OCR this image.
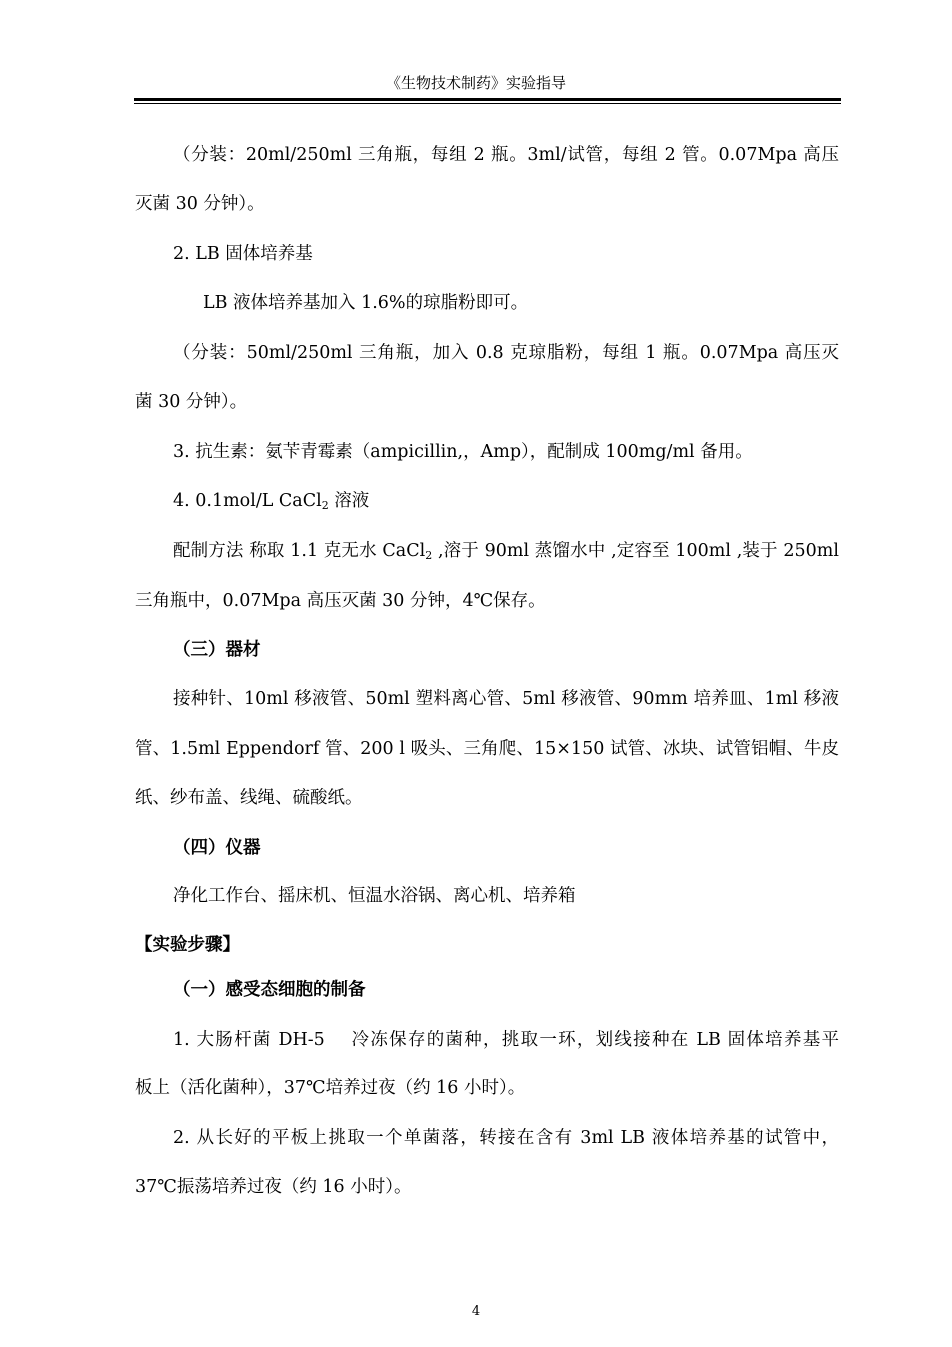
《生物技术制药》实验指导
（分装：20ml/250ml 三角瓶，每组 2 瓶。3ml/试管，每组 2 管。0.07Mpa 高压
灭菌 30 分钟）。
2. LB 固体培养基
LB 液体培养基加入 1.6%的琼脂粉即可。
（分装：50ml/250ml 三角瓶，加入 0.8 克琼脂粉，每组 1 瓶。0.07Mpa 高压灭
菌 30 分钟）。
3. 抗生素：氨苄青霉素（ampicillin,，Amp），配制成 100mg/ml 备用。
4. 0.1mol/L CaCl$_2$ 溶液
配制方法 称取 1.1 克无水 CaCl$_2$ ,溶于 90ml 蒸馏水中 ,定容至 100ml ,装于 250ml
三角瓶中，0.07Mpa 高压灭菌 30 分钟，4℃保存。
（三）器材
接种针、10ml 移液管、50ml 塑料离心管、5ml 移液管、90mm 培养皿、1ml 移液
管、1.5ml Eppendorf 管、200 l 吸头、三角爬、15×150 试管、冰块、试管铝帽、牛皮
纸、纱布盖、线绳、硫酸纸。
（四）仪器
净化工作台、摇床机、恒温水浴锅、离心机、培养箱
【实验步骤】
（一）感受态细胞的制备
1. 大肠杆菌 DH-5　 冷冻保存的菌种，挑取一环，划线接种在 LB 固体培养基平
板上（活化菌种），37℃培养过夜（约 16 小时）。
2. 从长好的平板上挑取一个单菌落，转接在含有 3ml LB 液体培养基的试管中，
37℃振荡培养过夜（约 16 小时）。
4
